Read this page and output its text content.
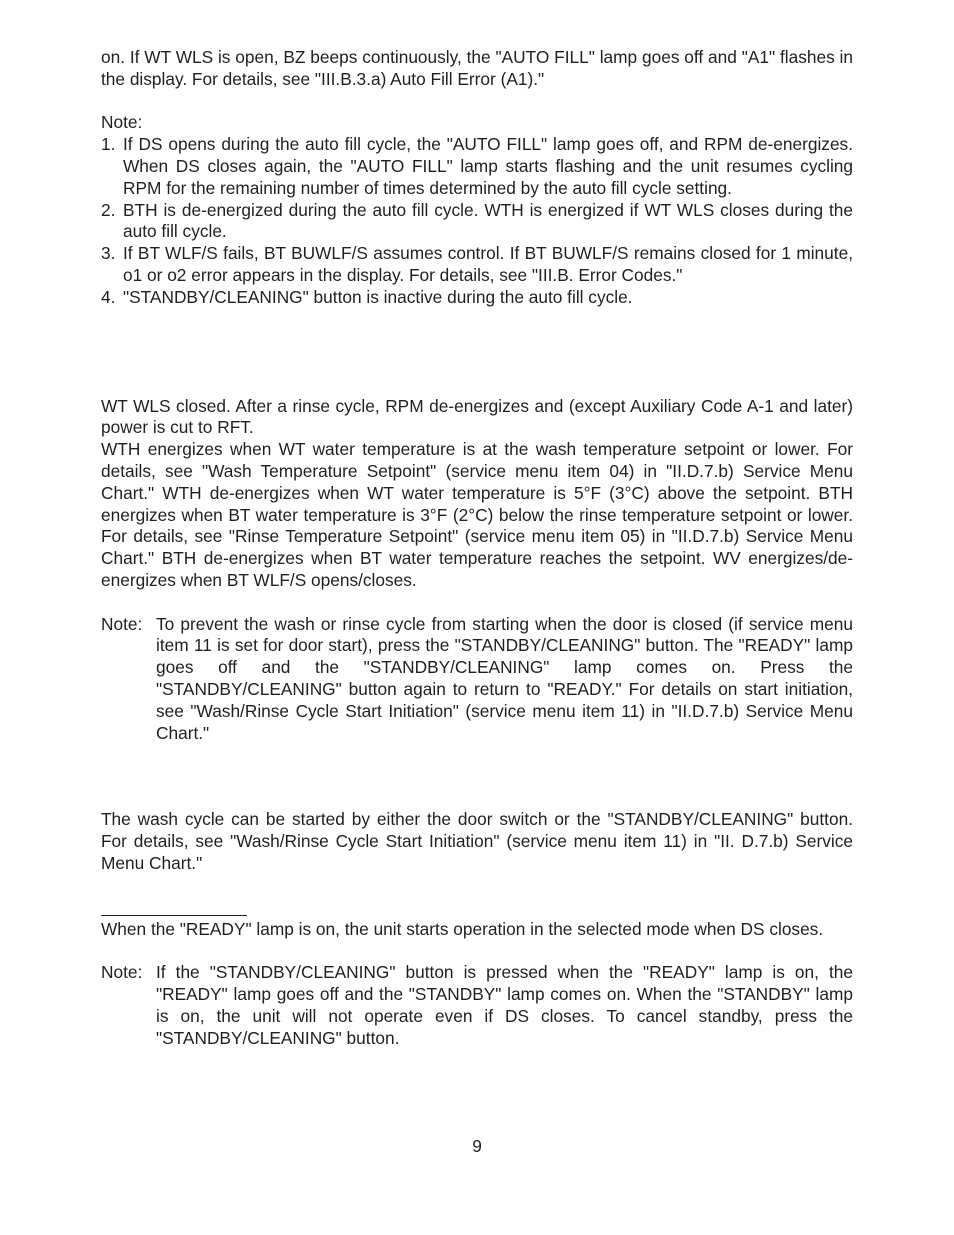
on. If WT WLS is open, BZ beeps continuously, the "AUTO FILL" lamp goes off and "A1" flashes in the display. For details, see "III.B.3.a) Auto Fill Error (A1)."

Note:

1. If DS opens during the auto fill cycle, the "AUTO FILL" lamp goes off, and RPM de-energizes. When DS closes again, the "AUTO FILL" lamp starts flashing and the unit resumes cycling RPM for the remaining number of times determined by the auto fill cycle setting.
2. BTH is de-energized during the auto fill cycle. WTH is energized if WT WLS closes during the auto fill cycle.
3. If BT WLF/S fails, BT BUWLF/S assumes control. If BT BUWLF/S remains closed for 1 minute, o1 or o2 error appears in the display. For details, see "III.B. Error Codes."
4. "STANDBY/CLEANING" button is inactive during the auto fill cycle.

WT WLS closed. After a rinse cycle, RPM de-energizes and (except Auxiliary Code A-1 and later) power is cut to RFT.

WTH energizes when WT water temperature is at the wash temperature setpoint or lower. For details, see "Wash Temperature Setpoint" (service menu item 04) in "II.D.7.b) Service Menu Chart." WTH de-energizes when WT water temperature is 5°F (3°C) above the setpoint. BTH energizes when BT water temperature is 3°F (2°C) below the rinse temperature setpoint or lower. For details, see "Rinse Temperature Setpoint" (service menu item 05) in "II.D.7.b) Service Menu Chart." BTH de-energizes when BT water temperature reaches the setpoint. WV energizes/de-energizes when BT WLF/S opens/closes.

Note: To prevent the wash or rinse cycle from starting when the door is closed (if service menu item 11 is set for door start), press the "STANDBY/CLEANING" button. The "READY" lamp goes off and the "STANDBY/CLEANING" lamp comes on. Press the "STANDBY/CLEANING" button again to return to "READY." For details on start initiation, see "Wash/Rinse Cycle Start Initiation" (service menu item 11) in "II.D.7.b) Service Menu Chart."

The wash cycle can be started by either the door switch or the "STANDBY/CLEANING" button. For details, see "Wash/Rinse Cycle Start Initiation" (service menu item 11) in "II. D.7.b) Service Menu Chart."

When the "READY" lamp is on, the unit starts operation in the selected mode when DS closes.

Note: If the "STANDBY/CLEANING" button is pressed when the "READY" lamp is on, the "READY" lamp goes off and the "STANDBY" lamp comes on. When the "STANDBY" lamp is on, the unit will not operate even if DS closes. To cancel standby, press the "STANDBY/CLEANING" button.
9
